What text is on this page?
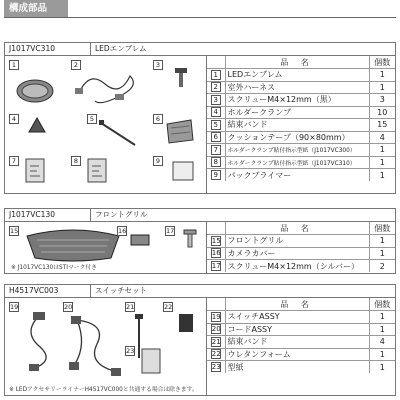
構成部品
J1017VC310	LEDエンブレム
1	2	3
4	5	6
7	8	9
	品 名	個数
1	LEDエンブレム	1
2	室外ハーネス	1
3	スクリューM4×12mm（黒）	3
4	ホルダークランプ	10
5	結束バンド	15
6	クッションテープ（90×80mm）	4
7	ホルダークランプ貼付指示型紙（J1017VC300）	1
8	ホルダークランプ貼付指示型紙（J1017VC310）	1
9	パックプライマー	1
J1017VC130	フロントグリル
15	16	17
※ J1017VC130はSTIマーク付き
	品 名	個数
15	フロントグリル	1
16	カメラカバー	1
17	スクリューM4×12mm（シルバー）	2
H4517VC003	スイッチセット
19	20	21	22
23
※ LEDアクセサリーライナーH4517VC000と共通する場合は除きます。
	品 名	個数
19	スイッチASSY	1
20	コードASSY	1
21	結束バンド	4
22	ウレタンフォーム	1
23	型紙	1
